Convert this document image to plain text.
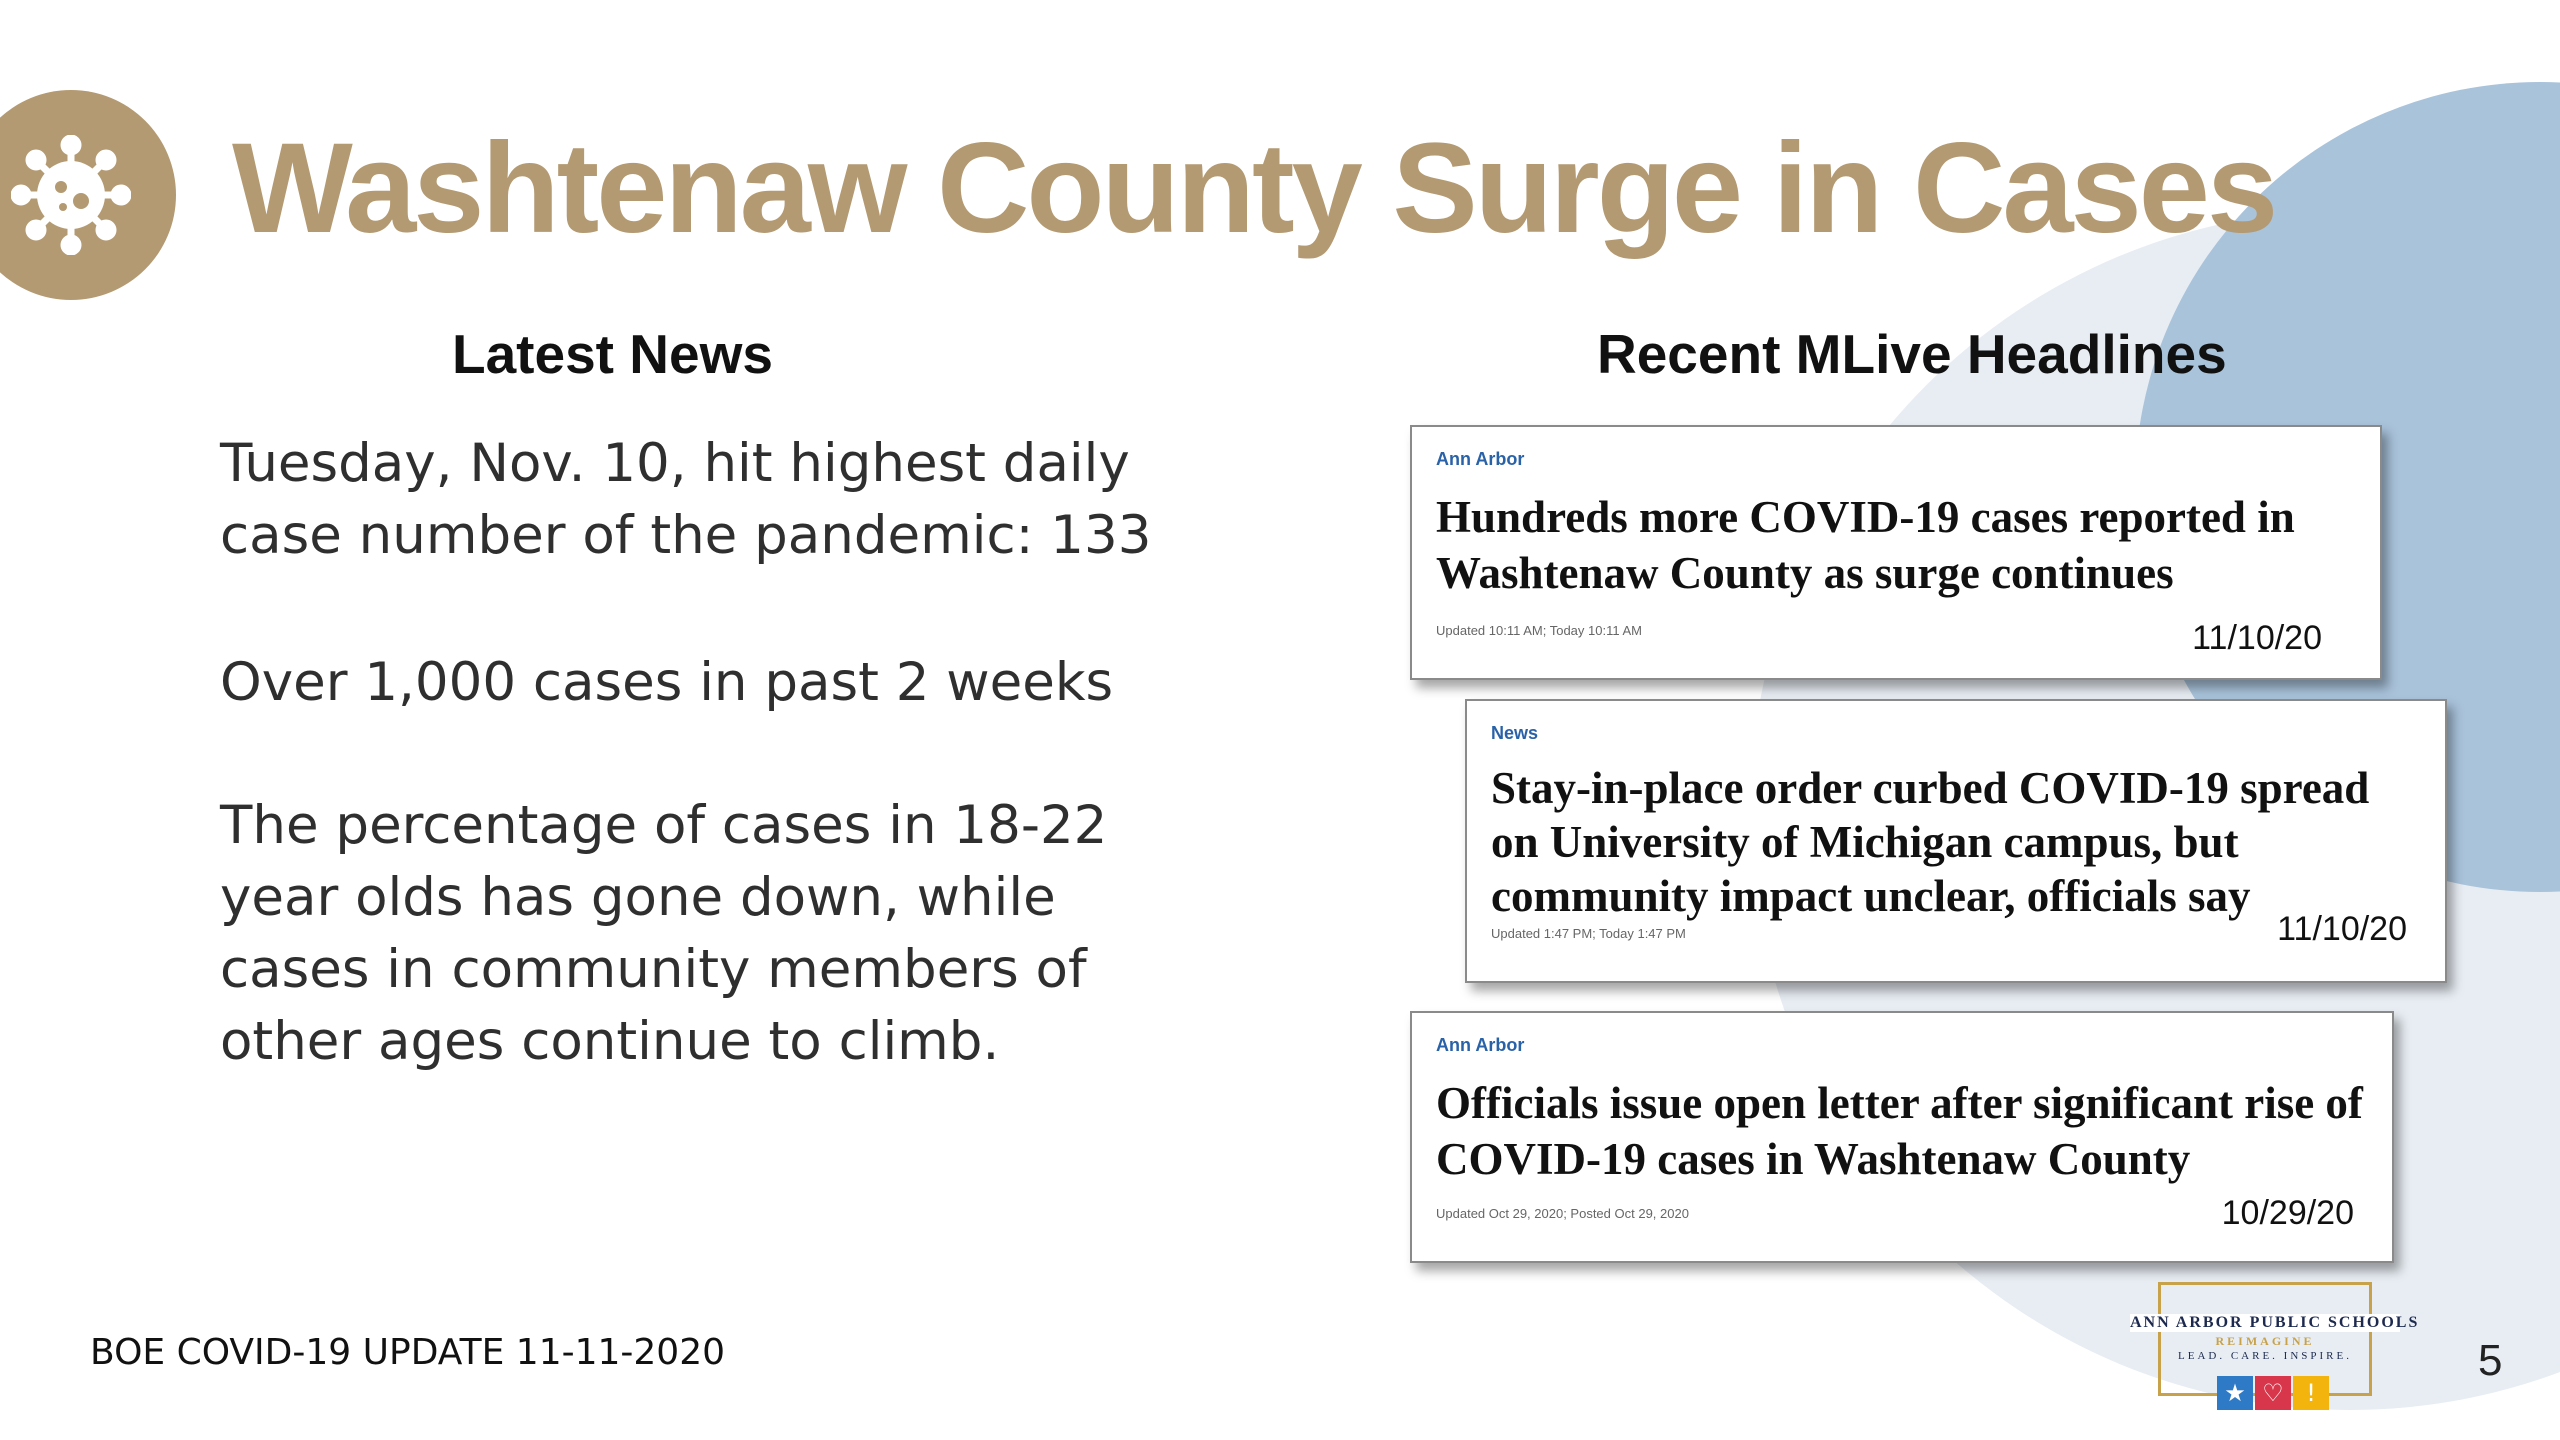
Washtenaw County Surge in Cases
Latest News	Recent MLive Headlines

Tuesday, Nov. 10, hit highest daily case number of the pandemic: 133

Over 1,000 cases in past 2 weeks

The percentage of cases in 18-22 year olds has gone down, while cases in community members of other ages continue to climb.

Ann Arbor
Hundreds more COVID-19 cases reported in Washtenaw County as surge continues
Updated 10:11 AM; Today 10:11 AM	11/10/20
News
Stay-in-place order curbed COVID-19 spread on University of Michigan campus, but community impact unclear, officials say
Updated 1:47 PM; Today 1:47 PM	11/10/20
Ann Arbor
Officials issue open letter after significant rise of COVID-19 cases in Washtenaw County
Updated Oct 29, 2020; Posted Oct 29, 2020	10/29/20
BOE COVID-19 UPDATE 11-11-2020
ANN ARBOR PUBLIC SCHOOLS
REIMAGINE
LEAD. CARE. INSPIRE.
★ ♡ !
5
